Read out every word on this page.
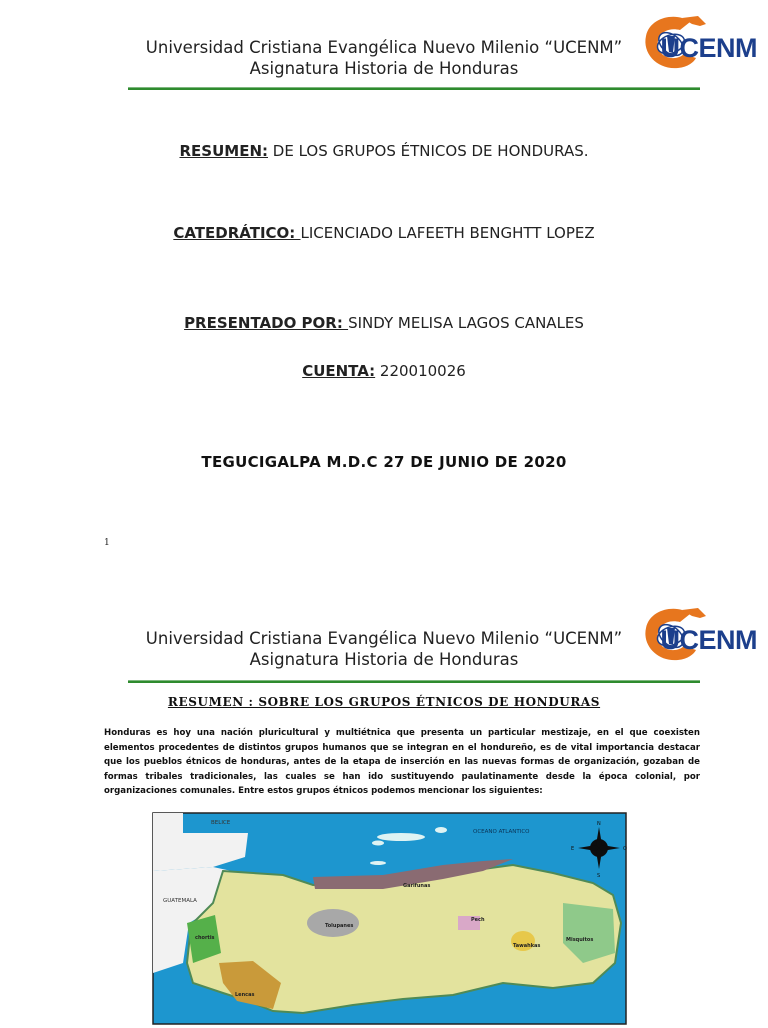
Universidad Cristiana Evangélica Nuevo Milenio “UCENM”
Asignatura Historia de Honduras
UCENM
RESUMEN: DE LOS GRUPOS ÉTNICOS DE HONDURAS.
CATEDRÁTICO: LICENCIADO LAFEETH BENGHTT LOPEZ
PRESENTADO POR: SINDY MELISA LAGOS CANALES
CUENTA: 220010026
TEGUCIGALPA M.D.C 27 DE JUNIO DE 2020
1
Universidad Cristiana Evangélica Nuevo Milenio “UCENM”
Asignatura Historia de Honduras
UCENM
RESUMEN : SOBRE LOS GRUPOS ÉTNICOS DE HONDURAS
Honduras es hoy una nación pluricultural y multiétnica que presenta un particular mestizaje, en el que coexisten elementos procedentes de distintos grupos humanos que se integran en el hondureño, es de vital importancia destacar que los pueblos étnicos de honduras, antes de la etapa de inserción en las nuevas formas de organización, gozaban de formas tribales tradicionales, las cuales se han ido sustituyendo paulatinamente desde la época colonial, por organizaciones comunales. Entre estos grupos étnicos podemos mencionar los siguientes:
BELICE
GUATEMALA
OCEANO ATLANTICO
Garifunas
Tolupanes
Pech
Tawahkas
Misquitos
Lencas
chortis
N
S
E	O
